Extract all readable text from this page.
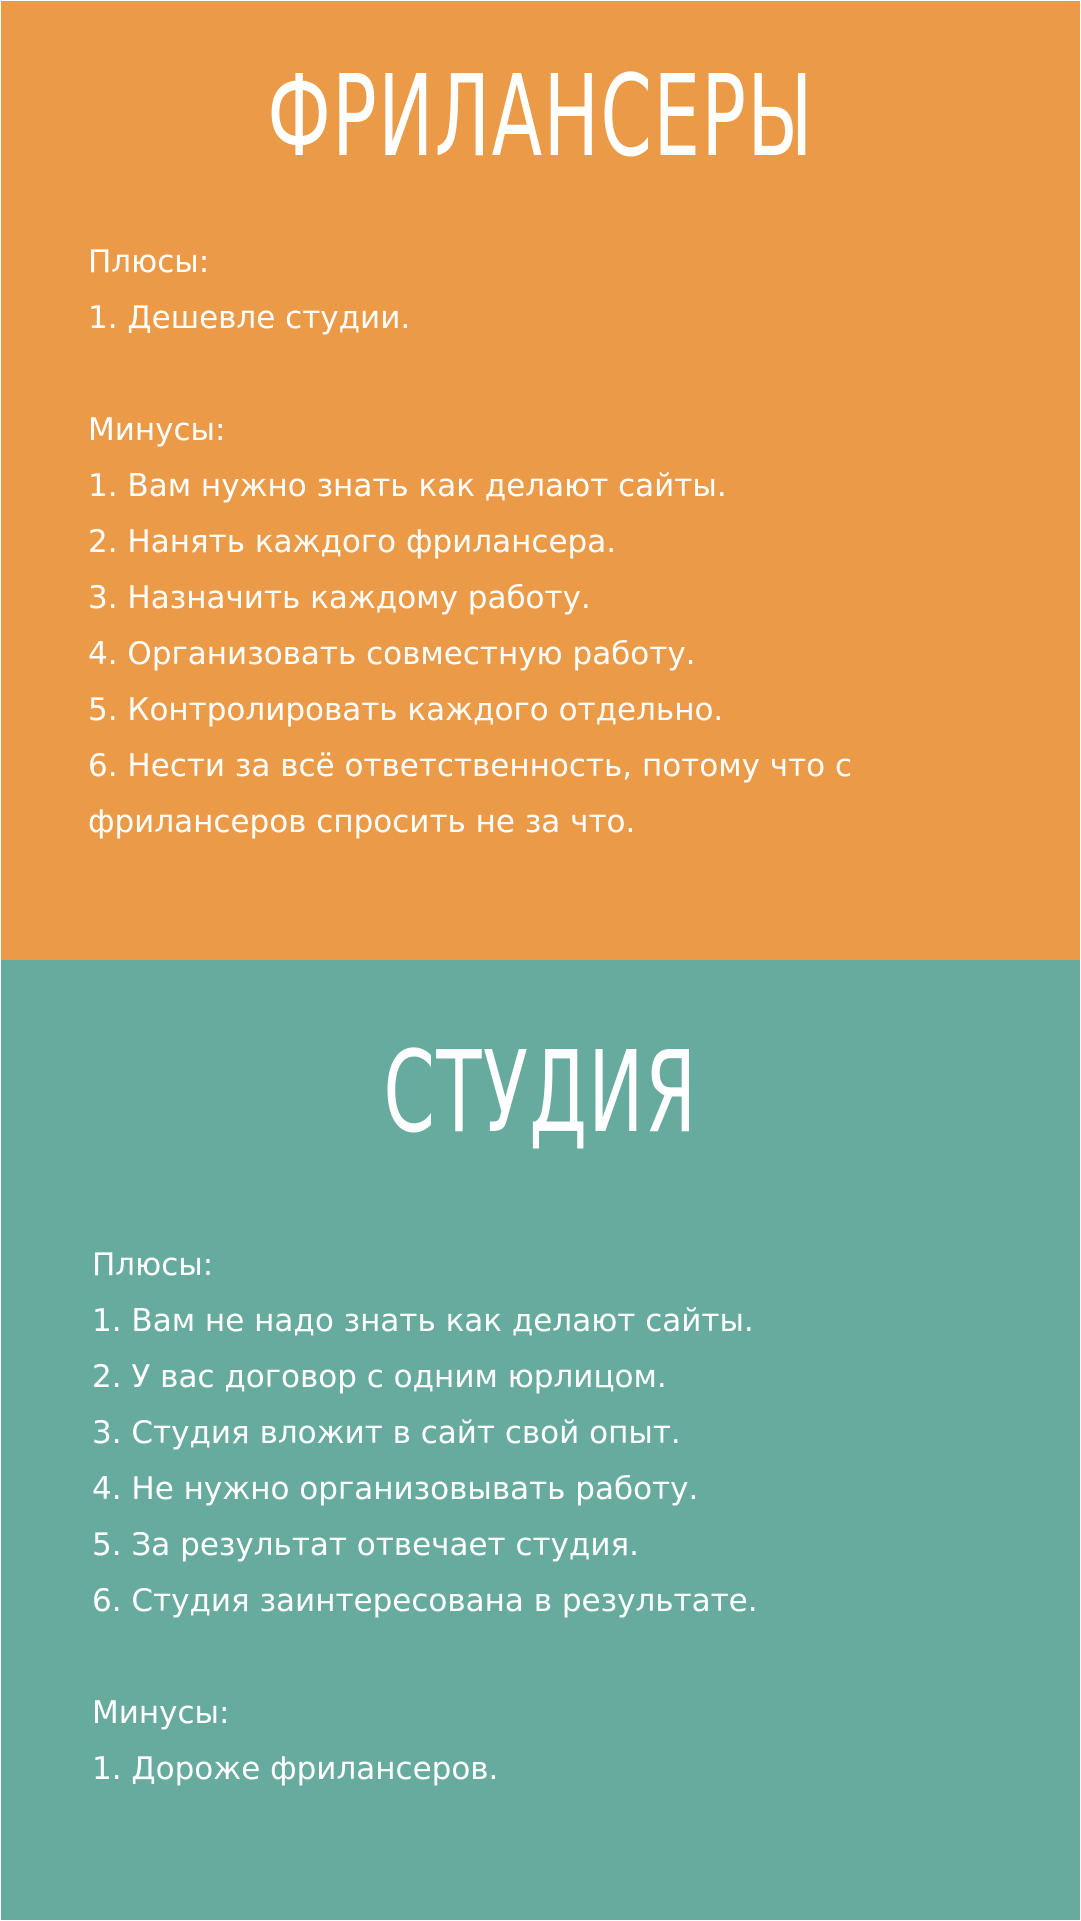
ФРИЛАНСЕРЫ
Плюсы:
1. Дешевле студии.
Минусы:
1. Вам нужно знать как делают сайты.
2. Нанять каждого фрилансера.
3. Назначить каждому работу.
4. Организовать совместную работу.
5. Контролировать каждого отдельно.
6. Нести за всё ответственность, потому что с
фрилансеров спросить не за что.
СТУДИЯ
Плюсы:
1. Вам не надо знать как делают сайты.
2. У вас договор с одним юрлицом.
3. Студия вложит в сайт свой опыт.
4. Не нужно организовывать работу.
5. За результат отвечает студия.
6. Студия заинтересована в результате.
Минусы:
1. Дороже фрилансеров.
